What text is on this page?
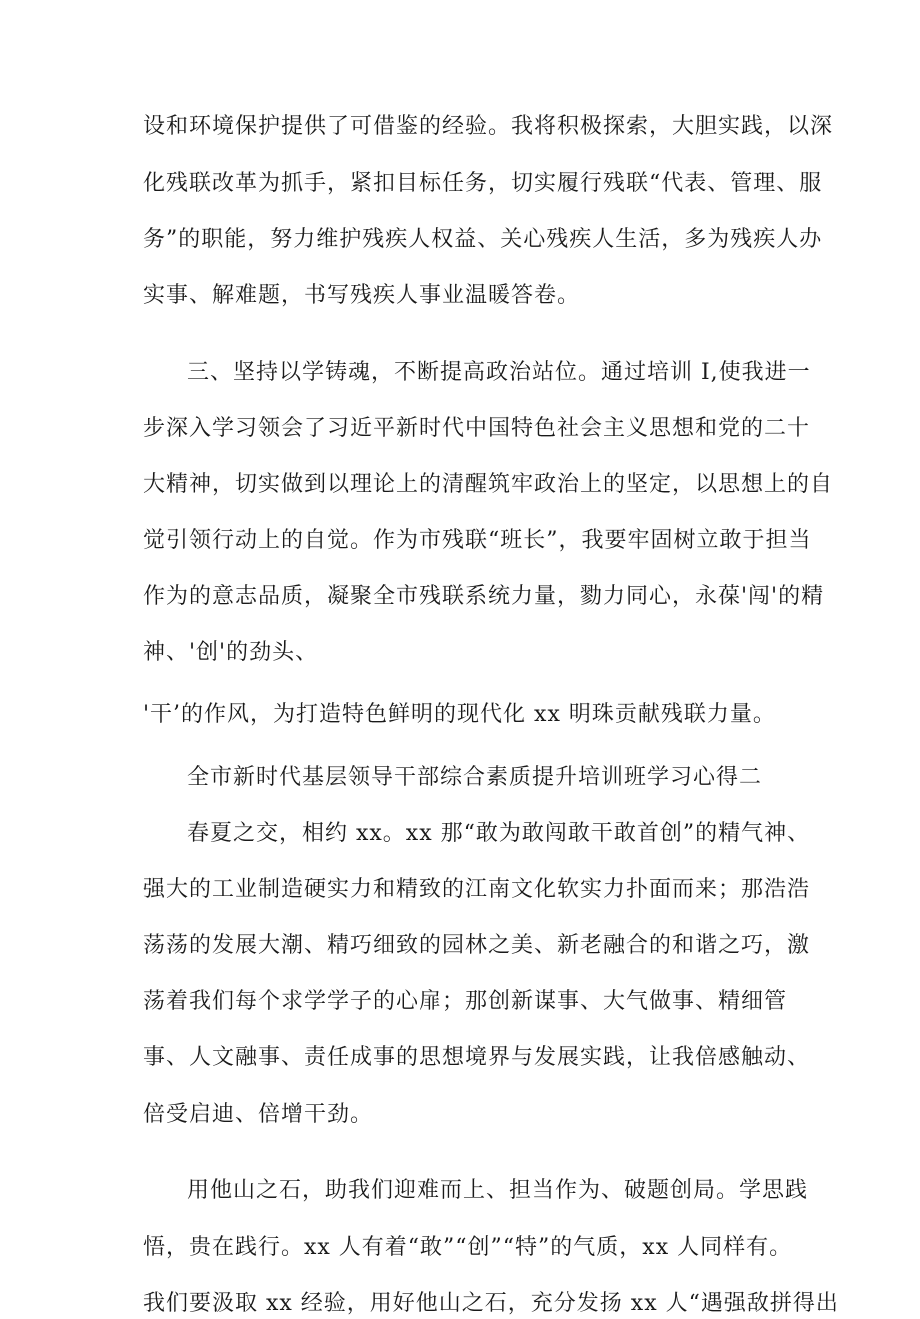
设和环境保护提供了可借鉴的经验。我将积极探索，大胆实践，以深
化残联改革为抓手，紧扣目标任务，切实履行残联“代表、管理、服
务”的职能，努力维护残疾人权益、关心残疾人生活，多为残疾人办
实事、解难题，书写残疾人事业温暖答卷。
三、坚持以学铸魂，不断提高政治站位。通过培训 I,使我进一
步深入学习领会了习近平新时代中国特色社会主义思想和党的二十
大精神，切实做到以理论上的清醒筑牢政治上的坚定，以思想上的自
觉引领行动上的自觉。作为市残联“班长”，我要牢固树立敢于担当
作为的意志品质，凝聚全市残联系统力量，勠力同心，永葆'闯'的精
神、'创'的劲头、
'干’的作风，为打造特色鲜明的现代化 xx 明珠贡献残联力量。
全市新时代基层领导干部综合素质提升培训班学习心得二
春夏之交，相约 xx。xx 那“敢为敢闯敢干敢首创”的精气神、
强大的工业制造硬实力和精致的江南文化软实力扑面而来；那浩浩
荡荡的发展大潮、精巧细致的园林之美、新老融合的和谐之巧，激
荡着我们每个求学学子的心扉；那创新谋事、大气做事、精细管
事、人文融事、责任成事的思想境界与发展实践，让我倍感触动、
倍受启迪、倍增干劲。
用他山之石，助我们迎难而上、担当作为、破题创局。学思践
悟，贵在践行。xx 人有着“敢”“创”“特”的气质，xx 人同样有。
我们要汲取 xx 经验，用好他山之石，充分发扬 xx 人“遇强敌拼得出
